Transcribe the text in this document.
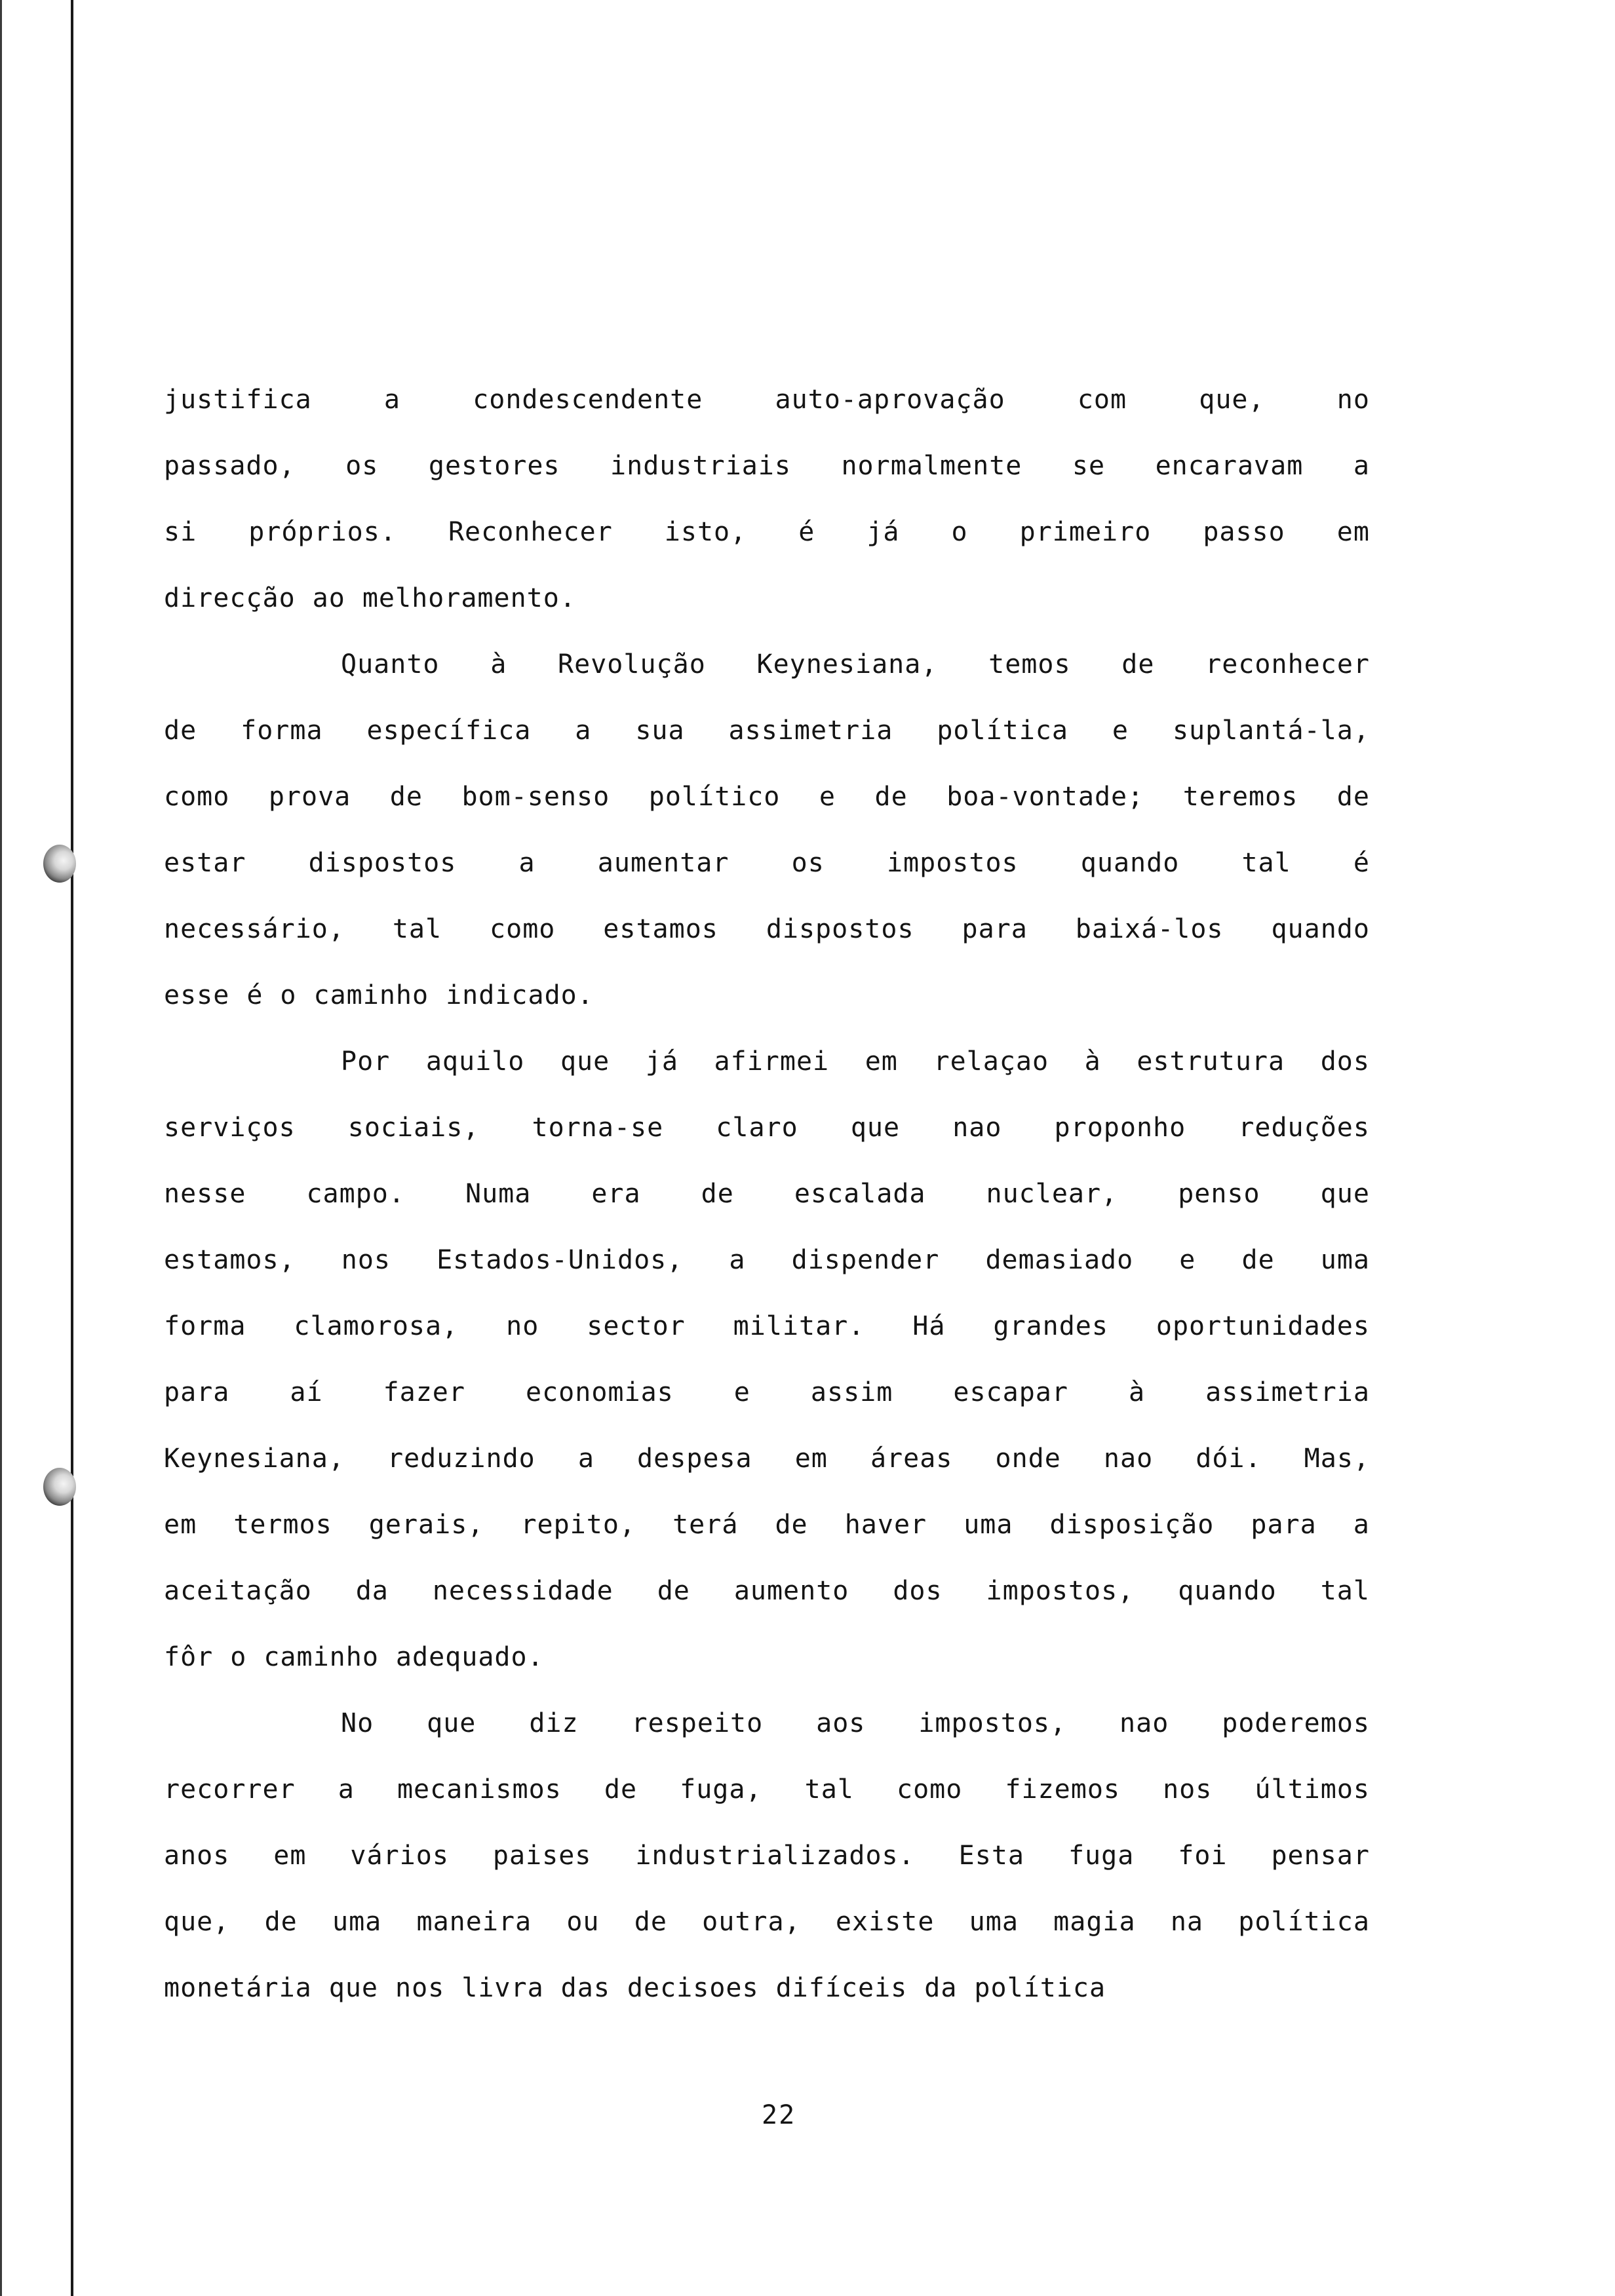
justifica	a	condescendente	auto-aprovação	com	que,	no
passado, os gestores industriais normalmente se encaravam a
si próprios. Reconhecer isto, é já o primeiro passo em
direcção ao melhoramento.
Quanto à Revolução Keynesiana, temos de reconhecer
de forma específica a sua assimetria política e suplantá-la,
como prova de bom-senso político e de boa-vontade; teremos de
estar dispostos a aumentar os impostos quando tal é
necessário, tal como estamos dispostos para baixá-los quando
esse é o caminho indicado.
Por aquilo que já afirmei em relaçao à estrutura dos
serviços sociais, torna-se claro que nao proponho reduções
nesse campo. Numa era de escalada nuclear, penso que
estamos, nos Estados-Unidos, a dispender demasiado e de uma
forma clamorosa, no sector militar. Há grandes oportunidades
para aí fazer economias e assim escapar à assimetria
Keynesiana, reduzindo a despesa em áreas onde nao dói. Mas,
em termos gerais, repito, terá de haver uma disposição para a
aceitação da necessidade de aumento dos impostos, quando tal
fôr o caminho adequado.
No que diz respeito aos impostos, nao poderemos
recorrer a mecanismos de fuga, tal como fizemos nos últimos
anos em vários paises industrializados. Esta fuga foi pensar
que, de uma maneira ou de outra, existe uma magia na política
monetária que nos livra das decisoes difíceis da política
22
